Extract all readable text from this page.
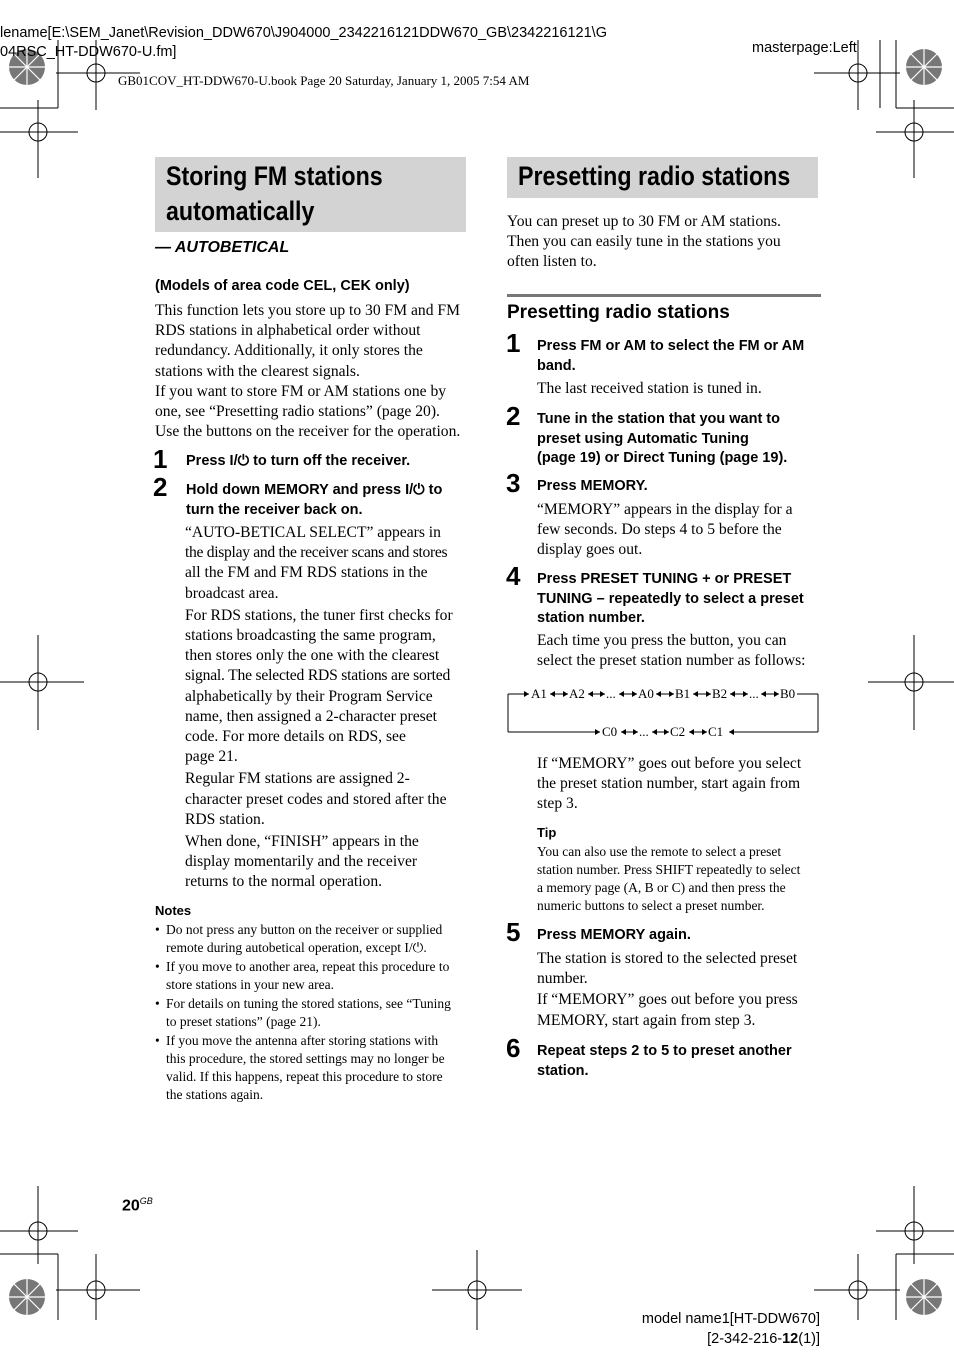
lename[E:\SEM_Janet\Revision_DDW670\J904000_2342216121DDW670_GB\2342216121\G
04RSC_HT-DDW670-U.fm]	masterpage:Left
GB01COV_HT-DDW670-U.book Page 20 Saturday, January 1, 2005 7:54 AM
Storing FM stations
automatically
— AUTOBETICAL
(Models of area code CEL, CEK only)
This function lets you store up to 30 FM and FM
RDS stations in alphabetical order without
redundancy. Additionally, it only stores the
stations with the clearest signals.
If you want to store FM or AM stations one by
one, see “Presetting radio stations” (page 20).
Use the buttons on the receiver for the operation.
1 Press I/⏻ to turn off the receiver.
2 Hold down MEMORY and press I/⏻ to
turn the receiver back on.
“AUTO-BETICAL SELECT” appears in
the display and the receiver scans and stores
all the FM and FM RDS stations in the
broadcast area.
For RDS stations, the tuner first checks for
stations broadcasting the same program,
then stores only the one with the clearest
signal. The selected RDS stations are sorted
alphabetically by their Program Service
name, then assigned a 2-character preset
code. For more details on RDS, see
page 21.
Regular FM stations are assigned 2-
character preset codes and stored after the
RDS station.
When done, “FINISH” appears in the
display momentarily and the receiver
returns to the normal operation.
Notes
• Do not press any button on the receiver or supplied
remote during autobetical operation, except I/⏻.
• If you move to another area, repeat this procedure to
store stations in your new area.
• For details on tuning the stored stations, see “Tuning
to preset stations” (page 21).
• If you move the antenna after storing stations with
this procedure, the stored settings may no longer be
valid. If this happens, repeat this procedure to store
the stations again.
Presetting radio stations
You can preset up to 30 FM or AM stations.
Then you can easily tune in the stations you
often listen to.
Presetting radio stations
1 Press FM or AM to select the FM or AM
band.
The last received station is tuned in.
2 Tune in the station that you want to
preset using Automatic Tuning
(page 19) or Direct Tuning (page 19).
3 Press MEMORY.
“MEMORY” appears in the display for a
few seconds. Do steps 4 to 5 before the
display goes out.
4 Press PRESET TUNING + or PRESET
TUNING – repeatedly to select a preset
station number.
Each time you press the button, you can
select the preset station number as follows:
A1 A2 ... A0 B1 B2 ... B0
C0 ... C2 C1
If “MEMORY” goes out before you select
the preset station number, start again from
step 3.
Tip
You can also use the remote to select a preset
station number. Press SHIFT repeatedly to select
a memory page (A, B or C) and then press the
numeric buttons to select a preset number.
5 Press MEMORY again.
The station is stored to the selected preset
number.
If “MEMORY” goes out before you press
MEMORY, start again from step 3.
6 Repeat steps 2 to 5 to preset another
station.
$20^{GB}$
model name1[HT-DDW670]
[2-342-216-12(1)]
